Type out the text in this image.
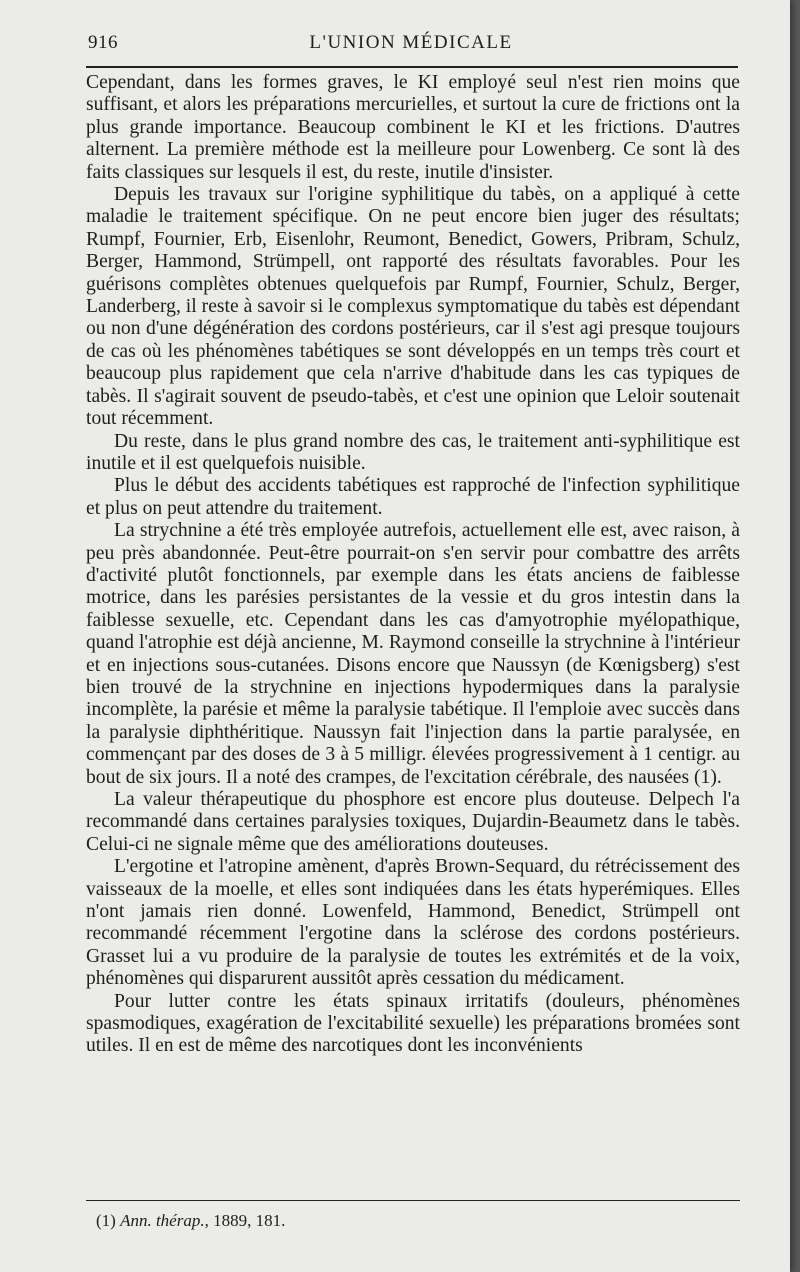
916	L'UNION MÉDICALE

Cependant, dans les formes graves, le KI employé seul n'est rien moins que suffisant, et alors les préparations mercurielles, et surtout la cure de frictions ont la plus grande importance. Beaucoup combinent le KI et les frictions. D'autres alternent. La première méthode est la meilleure pour Lowenberg. Ce sont là des faits classiques sur lesquels il est, du reste, inutile d'insister.

Depuis les travaux sur l'origine syphilitique du tabès, on a appliqué à cette maladie le traitement spécifique. On ne peut encore bien juger des résultats; Rumpf, Fournier, Erb, Eisenlohr, Reumont, Benedict, Gowers, Pribram, Schulz, Berger, Hammond, Strümpell, ont rapporté des résultats favorables. Pour les guérisons complètes obtenues quelquefois par Rumpf, Fournier, Schulz, Berger, Landerberg, il reste à savoir si le complexus symptomatique du tabès est dépendant ou non d'une dégénération des cordons postérieurs, car il s'est agi presque toujours de cas où les phénomènes tabétiques se sont développés en un temps très court et beaucoup plus rapidement que cela n'arrive d'habitude dans les cas typiques de tabès. Il s'agirait souvent de pseudo-tabès, et c'est une opinion que Leloir soutenait tout récemment.

Du reste, dans le plus grand nombre des cas, le traitement anti-syphilitique est inutile et il est quelquefois nuisible.

Plus le début des accidents tabétiques est rapproché de l'infection syphilitique et plus on peut attendre du traitement.

La strychnine a été très employée autrefois, actuellement elle est, avec raison, à peu près abandonnée. Peut-être pourrait-on s'en servir pour combattre des arrêts d'activité plutôt fonctionnels, par exemple dans les états anciens de faiblesse motrice, dans les parésies persistantes de la vessie et du gros intestin dans la faiblesse sexuelle, etc. Cependant dans les cas d'amyotrophie myélopathique, quand l'atrophie est déjà ancienne, M. Raymond conseille la strychnine à l'intérieur et en injections sous-cutanées. Disons encore que Naussyn (de Kœnigsberg) s'est bien trouvé de la strychnine en injections hypodermiques dans la paralysie incomplète, la parésie et même la paralysie tabétique. Il l'emploie avec succès dans la paralysie diphthéritique. Naussyn fait l'injection dans la partie paralysée, en commençant par des doses de 3 à 5 milligr. élevées progressivement à 1 centigr. au bout de six jours. Il a noté des crampes, de l'excitation cérébrale, des nausées (1).

La valeur thérapeutique du phosphore est encore plus douteuse. Delpech l'a recommandé dans certaines paralysies toxiques, Dujardin-Beaumetz dans le tabès. Celui-ci ne signale même que des améliorations douteuses.

L'ergotine et l'atropine amènent, d'après Brown-Sequard, du rétrécissement des vaisseaux de la moelle, et elles sont indiquées dans les états hyperémiques. Elles n'ont jamais rien donné. Lowenfeld, Hammond, Benedict, Strümpell ont recommandé récemment l'ergotine dans la sclérose des cordons postérieurs. Grasset lui a vu produire de la paralysie de toutes les extrémités et de la voix, phénomènes qui disparurent aussitôt après cessation du médicament.

Pour lutter contre les états spinaux irritatifs (douleurs, phénomènes spasmodiques, exagération de l'excitabilité sexuelle) les préparations bromées sont utiles. Il en est de même des narcotiques dont les inconvénients

(1) Ann. thérap., 1889, 181.
